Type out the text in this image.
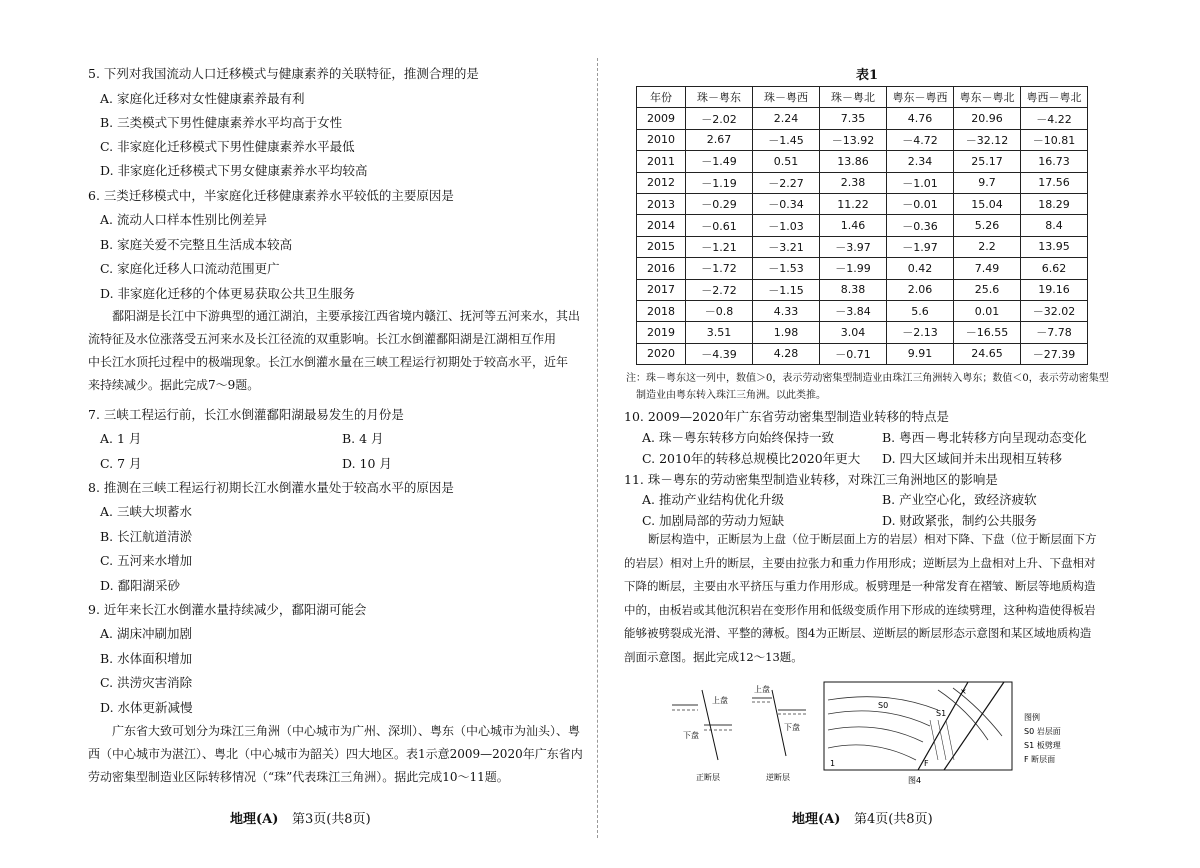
5. 下列对我国流动人口迁移模式与健康素养的关联特征，推测合理的是
A. 家庭化迁移对女性健康素养最有利
B. 三类模式下男性健康素养水平均高于女性
C. 非家庭化迁移模式下男性健康素养水平最低
D. 非家庭化迁移模式下男女健康素养水平均较高
6. 三类迁移模式中，半家庭化迁移健康素养水平较低的主要原因是
A. 流动人口样本性别比例差异
B. 家庭关爱不完整且生活成本较高
C. 家庭化迁移人口流动范围更广
D. 非家庭化迁移的个体更易获取公共卫生服务
鄱阳湖是长江中下游典型的通江湖泊，主要承接江西省境内赣江、抚河等五河来水，其出
流特征及水位涨落受五河来水及长江径流的双重影响。长江水倒灌鄱阳湖是江湖相互作用
中长江水顶托过程中的极端现象。长江水倒灌水量在三峡工程运行初期处于较高水平，近年
来持续减少。据此完成7～9题。
7. 三峡工程运行前，长江水倒灌鄱阳湖最易发生的月份是
A. 1 月	B. 4 月
C. 7 月	D. 10 月
8. 推测在三峡工程运行初期长江水倒灌水量处于较高水平的原因是
A. 三峡大坝蓄水
B. 长江航道清淤
C. 五河来水增加
D. 鄱阳湖采砂
9. 近年来长江水倒灌水量持续减少，鄱阳湖可能会
A. 湖床冲刷加剧
B. 水体面积增加
C. 洪涝灾害消除
D. 水体更新减慢
广东省大致可划分为珠江三角洲（中心城市为广州、深圳）、粤东（中心城市为汕头）、粤
西（中心城市为湛江）、粤北（中心城市为韶关）四大地区。表1示意2009—2020年广东省内
劳动密集型制造业区际转移情况（“珠”代表珠江三角洲）。据此完成10～11题。
地理(A) 第3页(共8页)
表1
年份	珠－粤东	珠－粤西	珠－粤北	粤东－粤西	粤东－粤北	粤西－粤北
2009	－2.02	2.24	7.35	4.76	20.96	－4.22
2010	2.67	－1.45	－13.92	－4.72	－32.12	－10.81
2011	－1.49	0.51	13.86	2.34	25.17	16.73
2012	－1.19	－2.27	2.38	－1.01	9.7	17.56
2013	－0.29	－0.34	11.22	－0.01	15.04	18.29
2014	－0.61	－1.03	1.46	－0.36	5.26	8.4
2015	－1.21	－3.21	－3.97	－1.97	2.2	13.95
2016	－1.72	－1.53	－1.99	0.42	7.49	6.62
2017	－2.72	－1.15	8.38	2.06	25.6	19.16
2018	－0.8	4.33	－3.84	5.6	0.01	－32.02
2019	3.51	1.98	3.04	－2.13	－16.55	－7.78
2020	－4.39	4.28	－0.71	9.91	24.65	－27.39
注：珠－粤东这一列中，数值＞0，表示劳动密集型制造业由珠江三角洲转入粤东；数值＜0，表示劳动密集型
制造业由粤东转入珠江三角洲。以此类推。
10. 2009—2020年广东省劳动密集型制造业转移的特点是
A. 珠－粤东转移方向始终保持一致	B. 粤西－粤北转移方向呈现动态变化
C. 2010年的转移总规模比2020年更大 D. 四大区域间并未出现相互转移
11. 珠－粤东的劳动密集型制造业转移，对珠江三角洲地区的影响是
A. 推动产业结构优化升级	B. 产业空心化，致经济疲软
C. 加剧局部的劳动力短缺	D. 财政紧张，制约公共服务
断层构造中，正断层为上盘（位于断层面上方的岩层）相对下降、下盘（位于断层面下方
的岩层）相对上升的断层，主要由拉张力和重力作用形成；逆断层为上盘相对上升、下盘相对
下降的断层，主要由水平挤压与重力作用形成。板劈理是一种常发育在褶皱、断层等地质构造
中的，由板岩或其他沉积岩在变形作用和低级变质作用下形成的连续劈理，这种构造使得板岩
能够被劈裂成光滑、平整的薄板。图4为正断层、逆断层的断层形态示意图和某区域地质构造
剖面示意图。据此完成12～13题。
上盘
下盘
正断层
上盘
下盘
逆断层
S0
S1
F
1
×
图4
图例
S0 岩层面
S1 板劈理
F 断层面
地理(A) 第4页(共8页)
